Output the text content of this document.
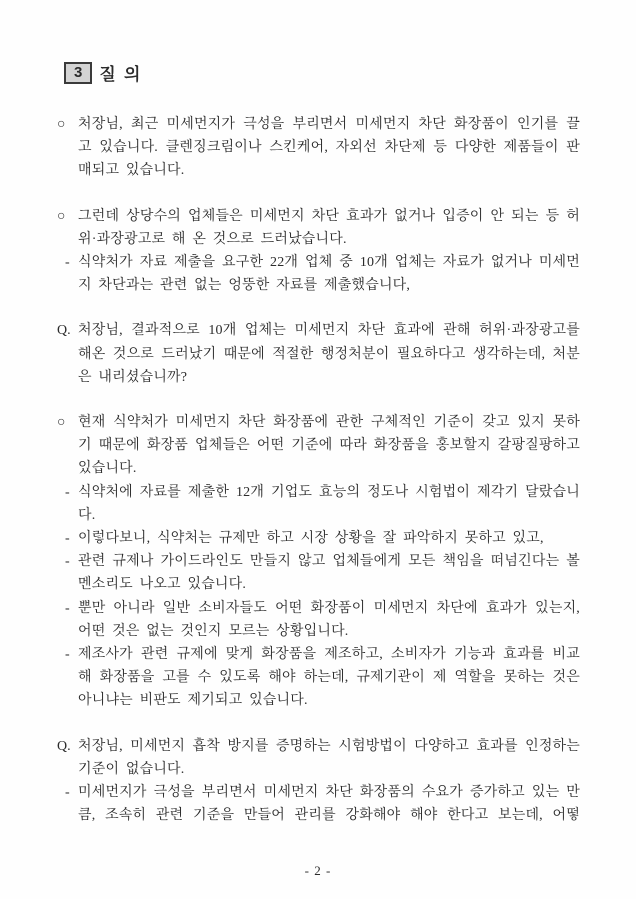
3	질 의
○ 처장님, 최근 미세먼지가 극성을 부리면서 미세먼지 차단 화장품이 인기를 끌고 있습니다. 클렌징크림이나 스킨케어, 자외선 차단제 등 다양한 제품들이 판매되고 있습니다.
○ 그런데 상당수의 업체들은 미세먼지 차단 효과가 없거나 입증이 안 되는 등 허위·과장광고로 해 온 것으로 드러났습니다.
- 식약처가 자료 제출을 요구한 22개 업체 중 10개 업체는 자료가 없거나 미세먼지 차단과는 관련 없는 엉뚱한 자료를 제출했습니다,
Q. 처장님, 결과적으로 10개 업체는 미세먼지 차단 효과에 관해 허위·과장광고를 해온 것으로 드러났기 때문에 적절한 행정처분이 필요하다고 생각하는데, 처분은 내리셨습니까?
○ 현재 식약처가 미세먼지 차단 화장품에 관한 구체적인 기준이 갖고 있지 못하기 때문에 화장품 업체들은 어떤 기준에 따라 화장품을 홍보할지 갈팡질팡하고 있습니다.
- 식약처에 자료를 제출한 12개 기업도 효능의 정도나 시험법이 제각기 달랐습니다.
- 이렇다보니, 식약처는 규제만 하고 시장 상황을 잘 파악하지 못하고 있고,
- 관련 규제나 가이드라인도 만들지 않고 업체들에게 모든 책임을 떠넘긴다는 볼멘소리도 나오고 있습니다.
- 뿐만 아니라 일반 소비자들도 어떤 화장품이 미세먼지 차단에 효과가 있는지, 어떤 것은 없는 것인지 모르는 상황입니다.
- 제조사가 관련 규제에 맞게 화장품을 제조하고, 소비자가 기능과 효과를 비교해 화장품을 고를 수 있도록 해야 하는데, 규제기관이 제 역할을 못하는 것은 아니냐는 비판도 제기되고 있습니다.
Q. 처장님, 미세먼지 흡착 방지를 증명하는 시험방법이 다양하고 효과를 인정하는 기준이 없습니다.
- 미세먼지가 극성을 부리면서 미세먼지 차단 화장품의 수요가 증가하고 있는 만큼, 조속히 관련 기준을 만들어 관리를 강화해야 해야 한다고 보는데, 어떻
- 2 -
